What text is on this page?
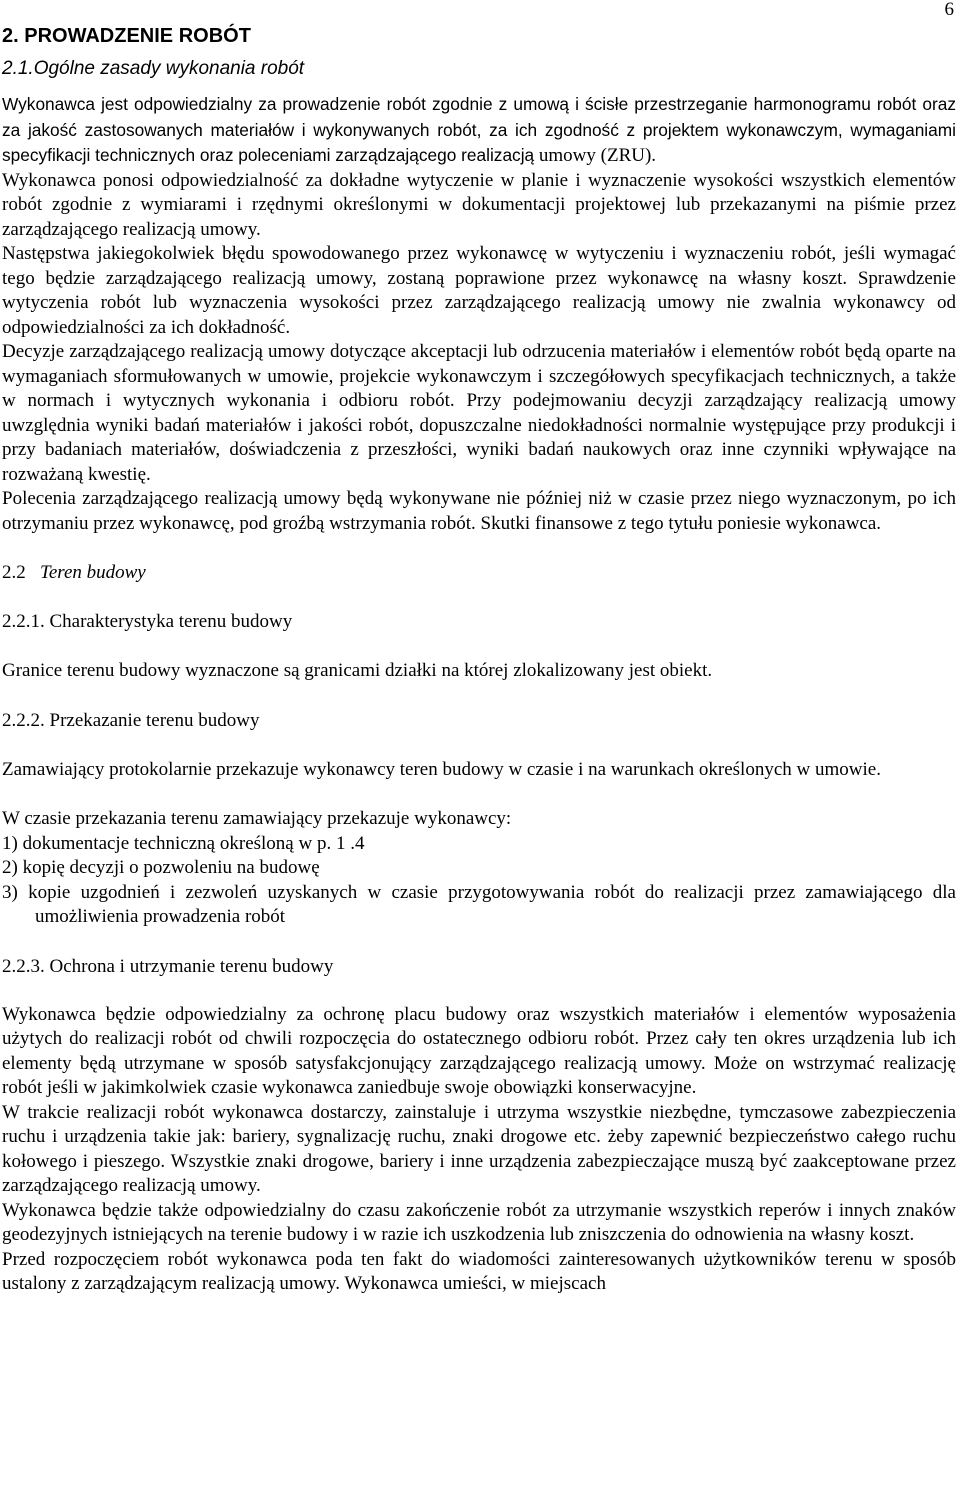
6
2. PROWADZENIE ROBÓT
2.1.Ogólne zasady wykonania robót

Wykonawca jest odpowiedzialny za prowadzenie robót zgodnie z umową i ścisłe przestrzeganie harmonogramu robót oraz za jakość zastosowanych materiałów i wykonywanych robót, za ich zgodność z projektem wykonawczym, wymaganiami specyfikacji technicznych oraz poleceniami zarządzającego realizacją umowy (ZRU).

Wykonawca ponosi odpowiedzialność za dokładne wytyczenie w planie i wyznaczenie wysokości wszystkich elementów robót zgodnie z wymiarami i rzędnymi określonymi w dokumentacji projektowej lub przekazanymi na piśmie przez zarządzającego realizacją umowy.

Następstwa jakiegokolwiek błędu spowodowanego przez wykonawcę w wytyczeniu i wyznaczeniu robót, jeśli wymagać tego będzie zarządzającego realizacją umowy, zostaną poprawione przez wykonawcę na własny koszt. Sprawdzenie wytyczenia robót lub wyznaczenia wysokości przez zarządzającego realizacją umowy nie zwalnia wykonawcy od odpowiedzialności za ich dokładność.

Decyzje zarządzającego realizacją umowy dotyczące akceptacji lub odrzucenia materiałów i elementów robót będą oparte na wymaganiach sformułowanych w umowie, projekcie wykonawczym i szczegółowych specyfikacjach technicznych, a także w normach i wytycznych wykonania i odbioru robót. Przy podejmowaniu decyzji zarządzający realizacją umowy uwzględnia wyniki badań materiałów i jakości robót, dopuszczalne niedokładności normalnie występujące przy produkcji i przy badaniach materiałów, doświadczenia z przeszłości, wyniki badań naukowych oraz inne czynniki wpływające na rozważaną kwestię.

Polecenia zarządzającego realizacją umowy będą wykonywane nie później niż w czasie przez niego wyznaczonym, po ich otrzymaniu przez wykonawcę, pod groźbą wstrzymania robót. Skutki finansowe z tego tytułu poniesie wykonawca.

2.2 Teren budowy
2.2.1. Charakterystyka terenu budowy

Granice terenu budowy wyznaczone są granicami działki na której zlokalizowany jest obiekt.

2.2.2. Przekazanie terenu budowy

Zamawiający protokolarnie przekazuje wykonawcy teren budowy w czasie i na warunkach określonych w umowie.

W czasie przekazania terenu zamawiający przekazuje wykonawcy:

1) dokumentacje techniczną określoną w p. 1 .4
2) kopię decyzji o pozwoleniu na budowę
3) kopie uzgodnień i zezwoleń uzyskanych w czasie przygotowywania robót do realizacji przez zamawiającego dla umożliwienia prowadzenia robót
2.2.3. Ochrona i utrzymanie terenu budowy

Wykonawca będzie odpowiedzialny za ochronę placu budowy oraz wszystkich materiałów i elementów wyposażenia użytych do realizacji robót od chwili rozpoczęcia do ostatecznego odbioru robót. Przez cały ten okres urządzenia lub ich elementy będą utrzymane w sposób satysfakcjonujący zarządzającego realizacją umowy. Może on wstrzymać realizację robót jeśli w jakimkolwiek czasie wykonawca zaniedbuje swoje obowiązki konserwacyjne.

W trakcie realizacji robót wykonawca dostarczy, zainstaluje i utrzyma wszystkie niezbędne, tymczasowe zabezpieczenia ruchu i urządzenia takie jak: bariery, sygnalizację ruchu, znaki drogowe etc. żeby zapewnić bezpieczeństwo całego ruchu kołowego i pieszego. Wszystkie znaki drogowe, bariery i inne urządzenia zabezpieczające muszą być zaakceptowane przez zarządzającego realizacją umowy.

Wykonawca będzie także odpowiedzialny do czasu zakończenie robót za utrzymanie wszystkich reperów i innych znaków geodezyjnych istniejących na terenie budowy i w razie ich uszkodzenia lub zniszczenia do odnowienia na własny koszt.

Przed rozpoczęciem robót wykonawca poda ten fakt do wiadomości zainteresowanych użytkowników terenu w sposób ustalony z zarządzającym realizacją umowy. Wykonawca umieści, w miejscach
